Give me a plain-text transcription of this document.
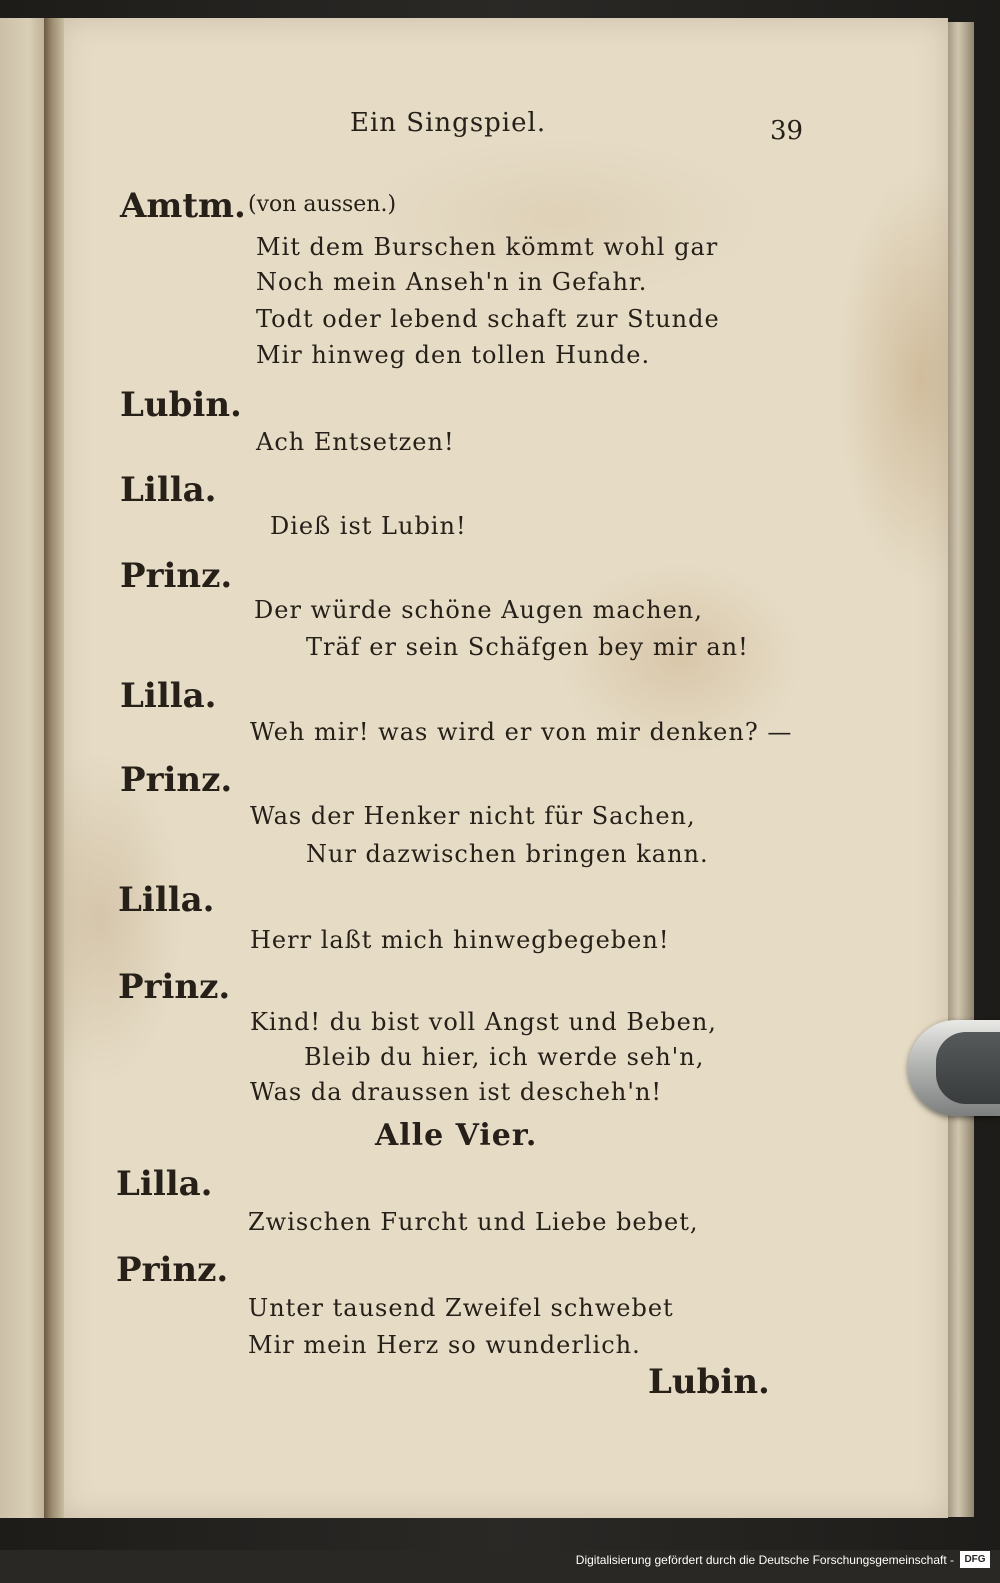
Ein Singspiel.	39

Amtm. (von aussen.)

Mit dem Burschen kömmt wohl gar

Noch mein Anseh'n in Gefahr.

Todt oder lebend schaft zur Stunde

Mir hinweg den tollen Hunde.

Lubin.

Ach Entsetzen!

Lilla.

Dieß ist Lubin!

Prinz.

Der würde schöne Augen machen,

Träf er sein Schäfgen bey mir an!

Lilla.

Weh mir! was wird er von mir denken? —

Prinz.

Was der Henker nicht für Sachen,

Nur dazwischen bringen kann.

Lilla.

Herr laßt mich hinwegbegeben!

Prinz.

Kind! du bist voll Angst und Beben,

Bleib du hier, ich werde seh'n,

Was da draussen ist descheh'n!

Alle Vier.

Lilla.

Zwischen Furcht und Liebe bebet,

Prinz.

Unter tausend Zweifel schwebet

Mir mein Herz so wunderlich.

Lubin.

Digitalisierung gefördert durch die Deutsche Forschungsgemeinschaft -	DFG
